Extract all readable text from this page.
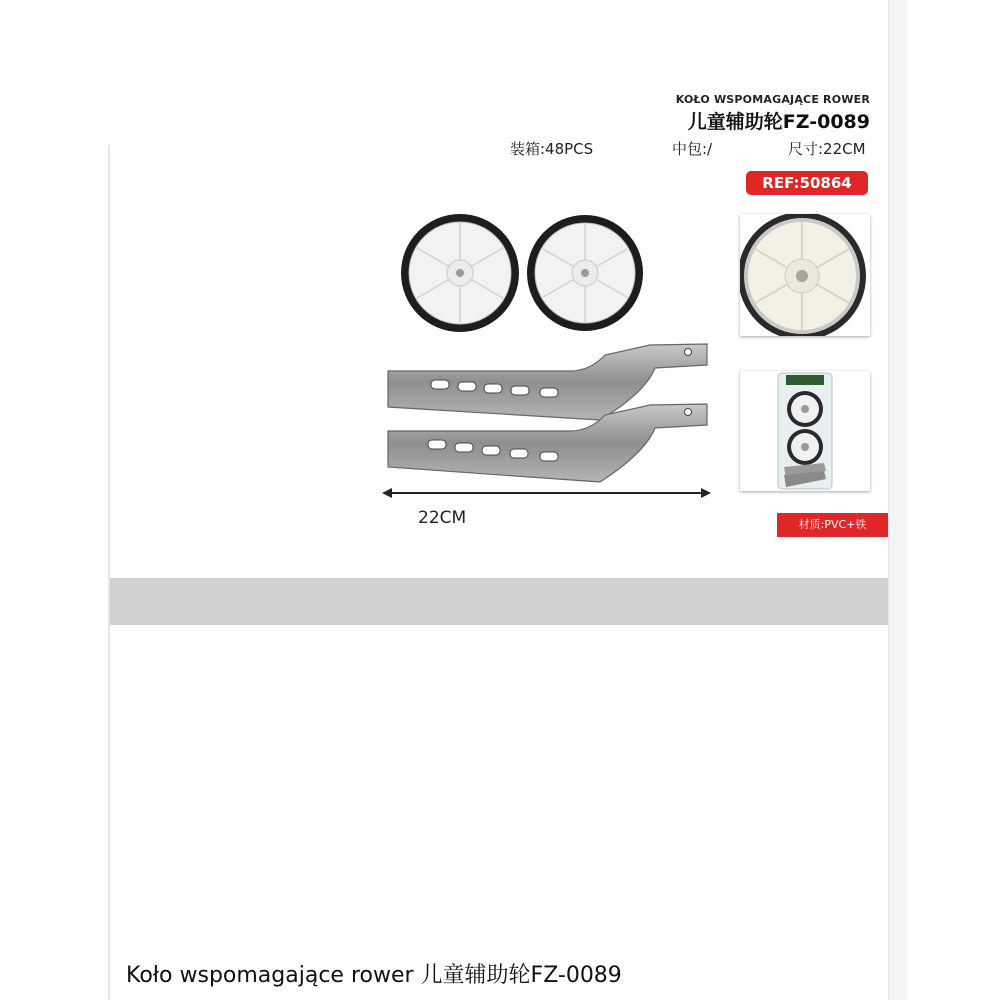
KOŁO WSPOMAGAJĄCE ROWER
儿童辅助轮FZ-0089
装箱:48PCS	中包:/	尺寸:22CM
REF:50864
22CM	材质:PVC+铁
Koło wspomagające rower 儿童辅助轮FZ-0089
